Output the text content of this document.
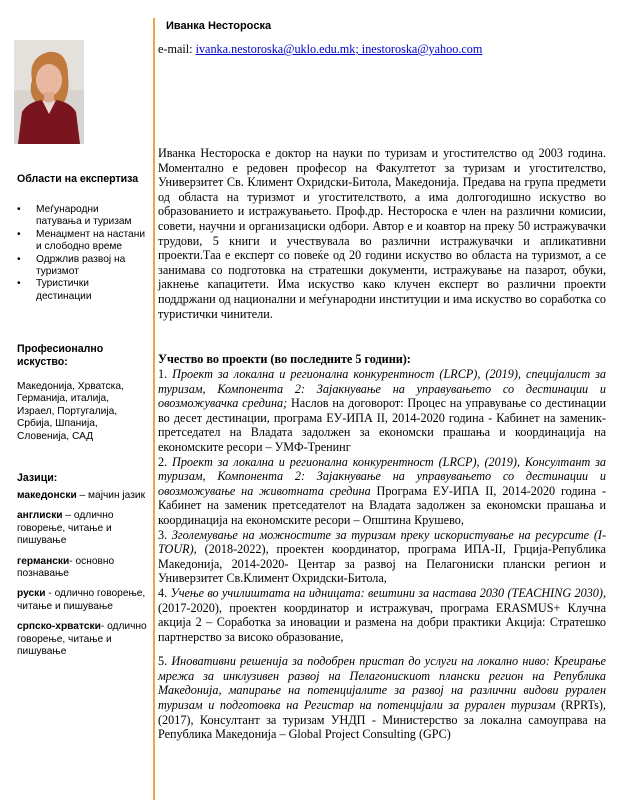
Области на експертиза
• Меѓународни патувања и туризам
• Менаџмент на настани и слободно време
• Одржлив развој на туризмот
• Туристички дестинации
Професионално искуство:
Македонија, Хрватска, Германија, италија, Израел, Португалија, Србија, Шпанија, Словенија, САД
Јазици:
македонски – мајчин јазик
англиски – одлично говорење, читање и пишување
германски- основно познавање
руски - одлично говорење, читање и пишување
српско-хрватски- одлично говорење, читање и пишување
Иванка Несторoска
e-mail: ivanka.nestoroska@uklo.edu.mk; inestoroska@yahoo.com
Иванка Несторoска е доктор на науки по туризам и угостителство од 2003 година. Моментално е редовен професор на Факултетот за туризам и угостителство, Универзитет Св. Климент Охридски-Битола, Македонија. Предава на група предмети од областа на туризмот и угостителството, а има долгогодишно искуство во образованието и истражувањето. Проф.др. Несторoска е член на различни комисии, совети, научни и организациски одбори. Автор е и коавтор на преку 50 истражувачки трудови, 5 книги и учествувала во различни истражувачки и апликативни проекти.Таа е експерт со повеќе од 20 години искуство во областа на туризмот, а се занимава со подготовка на стратешки документи, истражување на пазарот, обуки, јакнење капацитети. Има искуство како клучен експерт во различни проекти поддржани од национални и меѓународни институции и има искуство во соработка со туристички чинители.
Учество во проекти (во последните 5 години):

1. Проект за локална и регионална конкурентност (LRCP), (2019), специјалист за туризам, Компонента 2: Зајакнување на управувањето со дестинации и овозможувачка средина; Наслов на договорот: Процес на управување со дестинации во десет дестинации, програма ЕУ-ИПА II, 2014-2020 година - Кабинет на заменик-претседател на Владата задолжен за економски прашања и координација на економските ресори – УМФ-Тренинг

2. Проект за локална и регионална конкурентност (LRCP), (2019), Консултант за туризам, Компонента 2: Зајакнување на управувањето со дестинации и овозможување на животната средина Програма ЕУ-ИПА II, 2014-2020 година - Кабинет на заменик претседателот на Владата задолжен за економски прашања и координација на економските ресори – Општина Крушево,

3. Зголемување на можностите за туризам преку искористување на ресурсите (I-TOUR), (2018-2022), проектен координатор, програма ИПА-II, Грција-Република Македонија, 2014-2020- Центар за развој на Пелагониски плански регион и Универзитет Св.Климент Охридски-Битола,

4. Учење во училиштата на идницата: вештини за настава 2030 (TEACHING 2030),(2017-2020), проектен координатор и истражувач, програма ERASMUS+ Клучна акција 2 – Соработка за иновации и размена на добри практики Акција: Стратешко партнерство за високо образование,

5. Иновативни решенија за подобрен пристап до услуги на локално ниво: Креирање мрежа за инклузивен развој на Пелагонискиот плански регион на Република Македонија, мапирање на потенцијалите за развој на различни видови рурален туризам и подготовка на Регистар на потенцијали за рурален туризам (RPRTs), (2017), Консултант за туризам УНДП - Министерство за локална самоуправа на Република Македонија – Global Project Consulting (GPC)
